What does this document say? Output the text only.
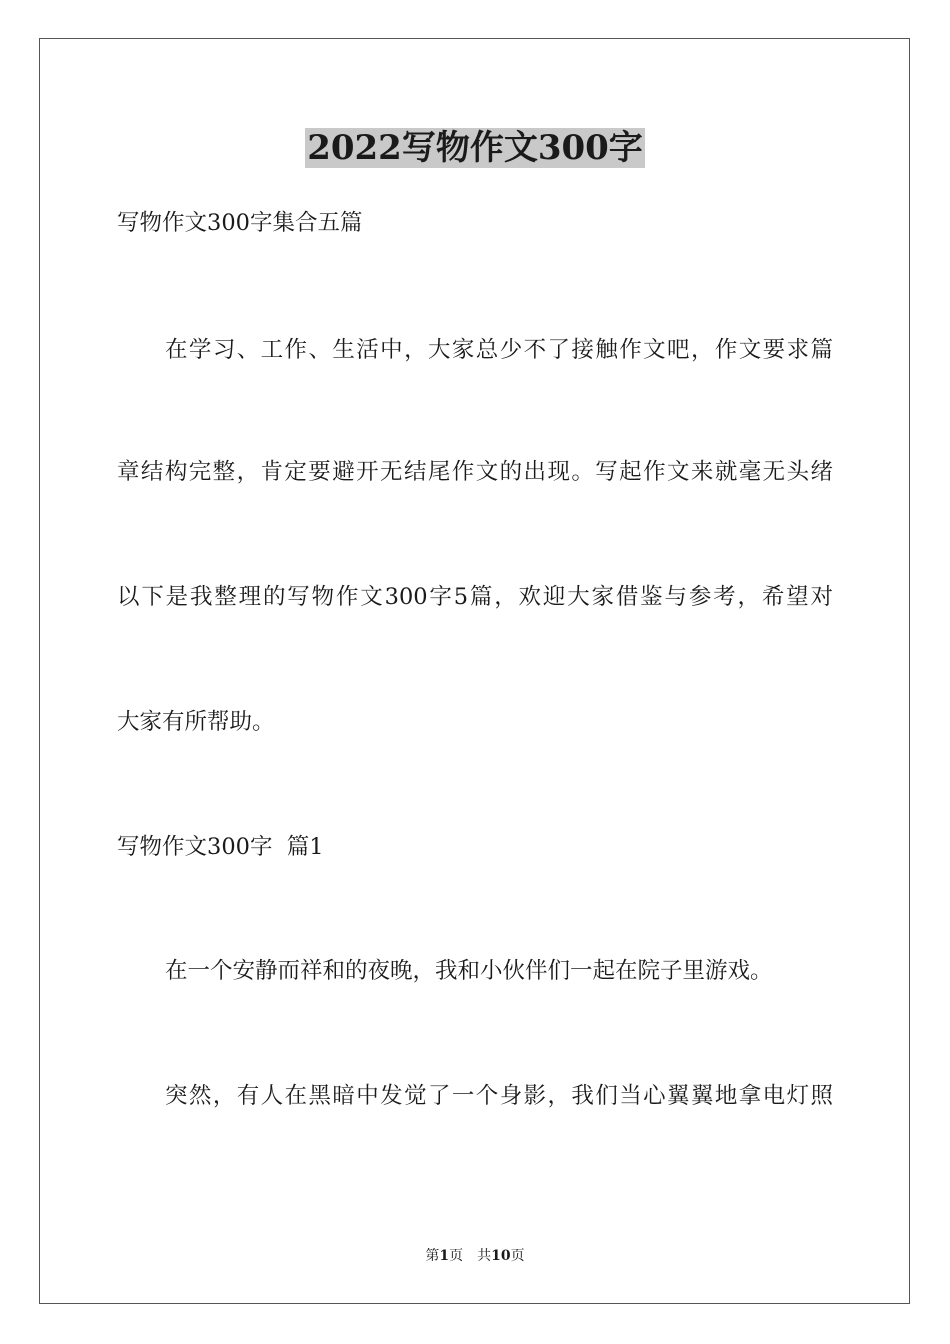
2022写物作文300字
写物作文300字集合五篇
在学习、工作、生活中，大家总少不了接触作文吧，作文要求篇
章结构完整，肯定要避开无结尾作文的出现。写起作文来就毫无头绪
以下是我整理的写物作文300字5篇，欢迎大家借鉴与参考，希望对
大家有所帮助。
写物作文300字  篇1
在一个安静而祥和的夜晚，我和小伙伴们一起在院子里游戏。
突然，有人在黑暗中发觉了一个身影，我们当心翼翼地拿电灯照
第1页　共10页
